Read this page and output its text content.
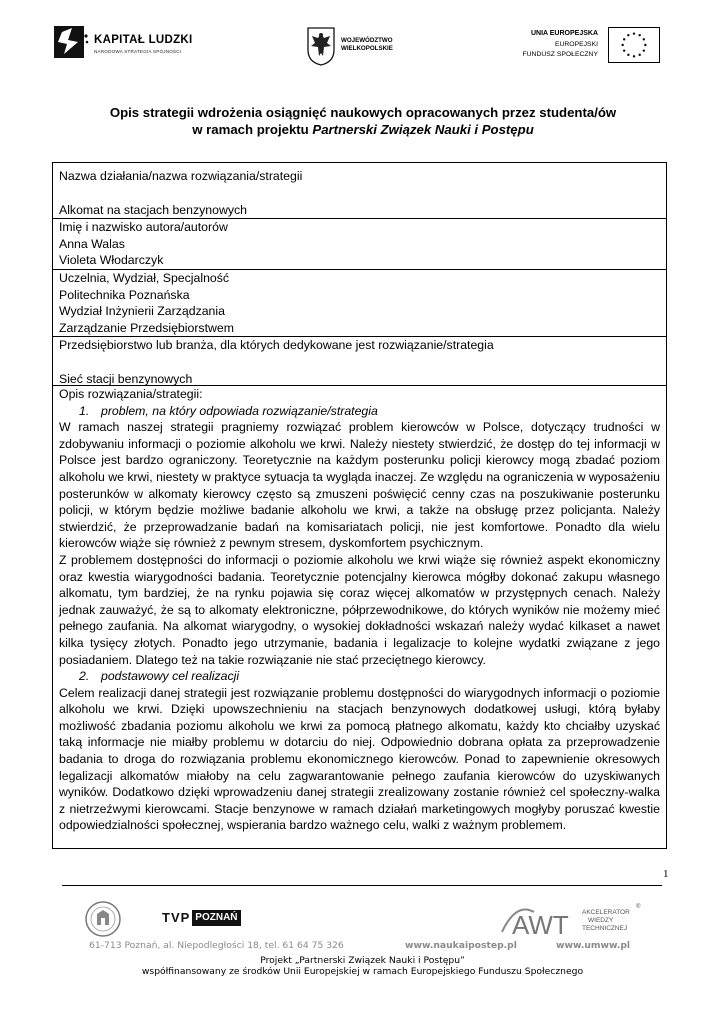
KAPITAŁ LUDZKI
NARODOWA STRATEGIA SPÓJNOŚCI
WOJEWÓDZTWO
WIELKOPOLSKIE
UNIA EUROPEJSKA
EUROPEJSKI
FUNDUSZ SPOŁECZNY
Opis strategii wdrożenia osiągnięć naukowych opracowanych przez studenta/ów
w ramach projektu Partnerski Związek Nauki i Postępu
Nazwa działania/nazwa rozwiązania/strategii
Alkomat na stacjach benzynowych
Imię i nazwisko autora/autorów
Anna Walas
Violeta Włodarczyk
Uczelnia, Wydział, Specjalność
Politechnika Poznańska
Wydział Inżynierii Zarządzania
Zarządzanie Przedsiębiorstwem
Przedsiębiorstwo lub branża, dla których dedykowane jest rozwiązanie/strategia
Sieć stacji benzynowych
Opis rozwiązania/strategii:
1. problem, na który odpowiada rozwiązanie/strategia
W ramach naszej strategii pragniemy rozwiązać problem kierowców w Polsce, dotyczący trudności w
zdobywaniu informacji o poziomie alkoholu we krwi. Należy niestety stwierdzić, że dostęp do tej informacji w
Polsce jest bardzo ograniczony. Teoretycznie na każdym posterunku policji kierowcy mogą zbadać poziom
alkoholu we krwi, niestety w praktyce sytuacja ta wygląda inaczej. Ze względu na ograniczenia w wyposażeniu
posterunków w alkomaty kierowcy często są zmuszeni poświęcić cenny czas na poszukiwanie posterunku
policji, w którym będzie możliwe badanie alkoholu we krwi, a także na obsługę przez policjanta. Należy
stwierdzić, że przeprowadzanie badań na komisariatach policji, nie jest komfortowe. Ponadto dla wielu
kierowców wiąże się również z pewnym stresem, dyskomfortem psychicznym.
Z problemem dostępności do informacji o poziomie alkoholu we krwi wiąże się również aspekt ekonomiczny
oraz kwestia wiarygodności badania. Teoretycznie potencjalny kierowca mógłby dokonać zakupu własnego
alkomatu, tym bardziej, że na rynku pojawia się coraz więcej alkomatów w przystępnych cenach. Należy
jednak zauważyć, że są to alkomaty elektroniczne, półprzewodnikowe, do których wyników nie możemy mieć
pełnego zaufania. Na alkomat wiarygodny, o wysokiej dokładności wskazań należy wydać kilkaset a nawet
kilka tysięcy złotych. Ponadto jego utrzymanie, badania i legalizacje to kolejne wydatki związane z jego
posiadaniem. Dlatego też na takie rozwiązanie nie stać przeciętnego kierowcy.
2. podstawowy cel realizacji
Celem realizacji danej strategii jest rozwiązanie problemu dostępności do wiarygodnych informacji o poziomie
alkoholu we krwi. Dzięki upowszechnieniu na stacjach benzynowych dodatkowej usługi, którą byłaby
możliwość zbadania poziomu alkoholu we krwi za pomocą płatnego alkomatu, każdy kto chciałby uzyskać
taką informacje nie miałby problemu w dotarciu do niej. Odpowiednio dobrana opłata za przeprowadzenie
badania to droga do rozwiązania problemu ekonomicznego kierowców. Ponad to zapewnienie okresowych
legalizacji alkomatów miałoby na celu zagwarantowanie pełnego zaufania kierowców do uzyskiwanych
wyników. Dodatkowo dzięki wprowadzeniu danej strategii zrealizowany zostanie również cel społeczny-walka
z nietrzeźwymi kierowcami. Stacje benzynowe w ramach działań marketingowych mogłyby poruszać kwestie
odpowiedzialności społecznej, wspierania bardzo ważnego celu, walki z ważnym problemem.
1
TVP POZNAŃ	AWT AKCELERATOR
WIEDZY
TECHNICZNEJ
®
61-713 Poznań, al. Niepodległości 18, tel. 61 64 75 326	www.naukaipostep.pl	www.umww.pl
Projekt „Partnerski Związek Nauki i Postępu”
współfinansowany ze środków Unii Europejskiej w ramach Europejskiego Funduszu Społecznego
